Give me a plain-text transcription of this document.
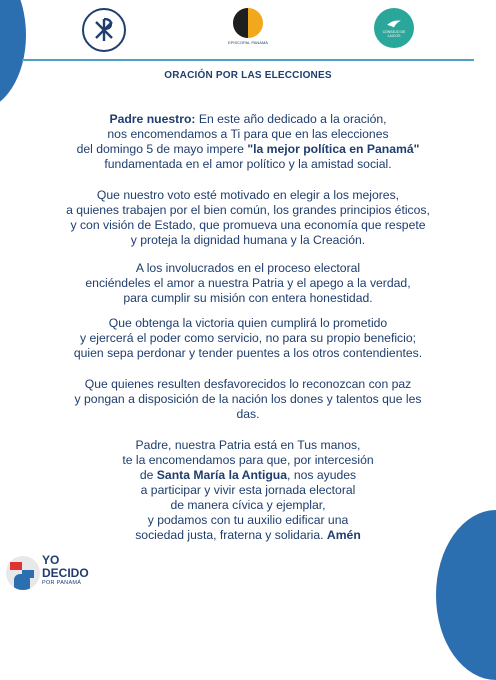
EPISCOPAL PANAMÁ
CONSEJO DE LAICOS
ORACIÓN POR LAS ELECCIONES
Padre nuestro: En este año dedicado a la oración,
nos encomendamos a Ti para que en las elecciones
del domingo 5 de mayo impere "la mejor política en Panamá"
fundamentada en el amor político y la amistad social.
Que nuestro voto esté motivado en elegir a los mejores,
a quienes trabajen por el bien común, los grandes principios éticos,
y con visión de Estado, que promueva una economía que respete
y proteja la dignidad humana y la Creación.
A los involucrados en el proceso electoral
enciéndeles el amor a nuestra Patria y el apego a la verdad,
para cumplir su misión con entera honestidad.
Que obtenga la victoria quien cumplirá lo prometido
y ejercerá el poder como servicio, no para su propio beneficio;
quien sepa perdonar y tender puentes a los otros contendientes.
Que quienes resulten desfavorecidos lo reconozcan con paz
y pongan a disposición de la nación los dones y talentos que les
das.
Padre, nuestra Patria está en Tus manos,
te la encomendamos para que, por intercesión
de Santa María la Antigua, nos ayudes
a participar y vivir esta jornada electoral
de manera cívica y ejemplar,
y podamos con tu auxilio edificar una
sociedad justa, fraterna y solidaria. Amén
YO
DECIDO
POR PANAMÁ
